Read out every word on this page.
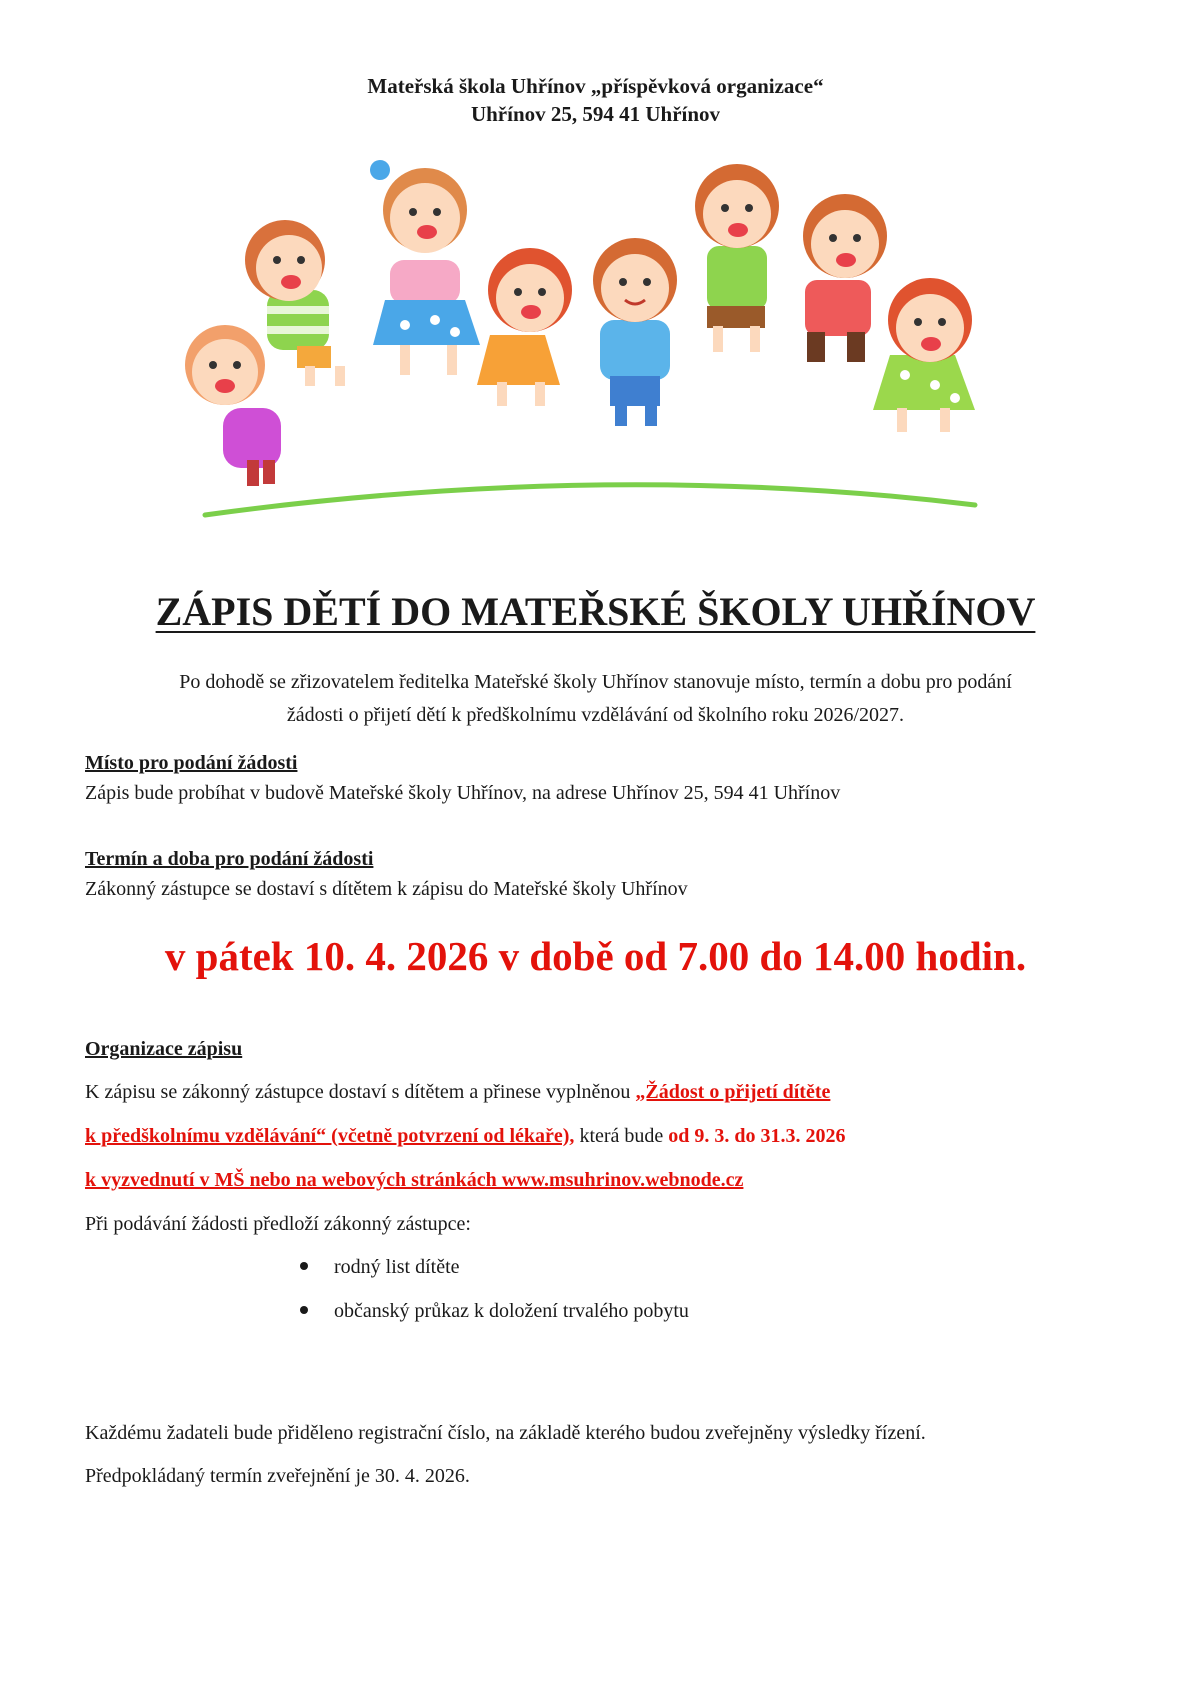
Mateřská škola Uhřínov „příspěvková organizace“
Uhřínov 25, 594 41 Uhřínov
ZÁPIS DĚTÍ DO MATEŘSKÉ ŠKOLY UHŘÍNOV
Po dohodě se zřizovatelem ředitelka Mateřské školy Uhřínov stanovuje místo, termín a dobu pro podání
žádosti o přijetí dětí k předškolnímu vzdělávání od školního roku 2026/2027.
Místo pro podání žádosti
Zápis bude probíhat v budově Mateřské školy Uhřínov, na adrese Uhřínov 25, 594 41 Uhřínov
Termín a doba pro podání žádosti
Zákonný zástupce se dostaví s dítětem k zápisu do Mateřské školy Uhřínov
v pátek 10. 4. 2026 v době od 7.00 do 14.00 hodin.
Organizace zápisu
K zápisu se zákonný zástupce dostaví s dítětem a přinese vyplněnou „Žádost o přijetí dítěte
k předškolnímu vzdělávání“ (včetně potvrzení od lékaře), která bude od 9. 3. do 31.3. 2026
k vyzvednutí v MŠ nebo na webových stránkách www.msuhrinov.webnode.cz
Při podávání žádosti předloží zákonný zástupce:
rodný list dítěte
občanský průkaz k doložení trvalého pobytu
Každému žadateli bude přiděleno registrační číslo, na základě kterého budou zveřejněny výsledky řízení.
Předpokládaný termín zveřejnění je 30. 4. 2026.
